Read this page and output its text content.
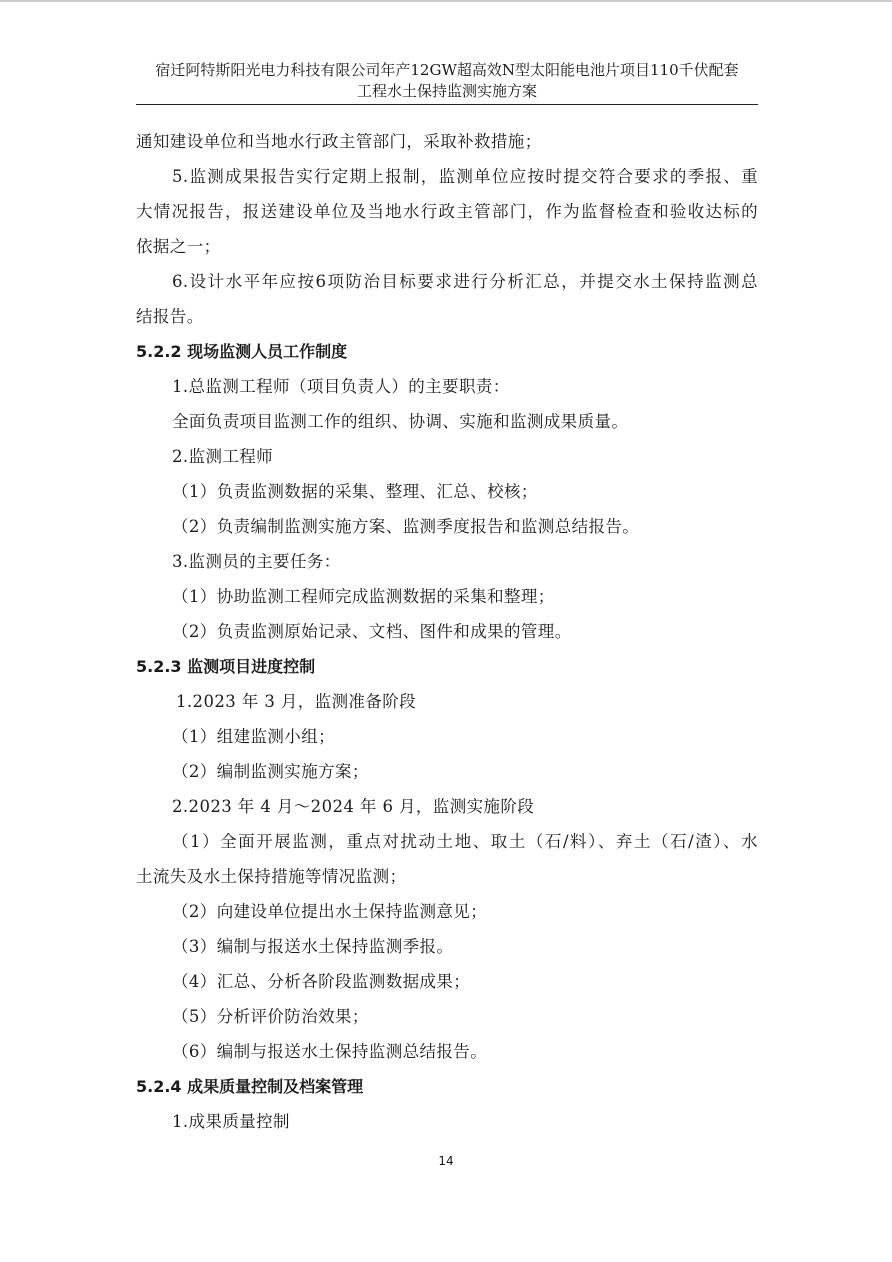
宿迁阿特斯阳光电力科技有限公司年产12GW超高效N型太阳能电池片项目110千伏配套
工程水土保持监测实施方案
通知建设单位和当地水行政主管部门，采取补救措施；
5.监测成果报告实行定期上报制，监测单位应按时提交符合要求的季报、重
大情况报告，报送建设单位及当地水行政主管部门，作为监督检查和验收达标的
依据之一；
6.设计水平年应按6项防治目标要求进行分析汇总，并提交水土保持监测总
结报告。
5.2.2 现场监测人员工作制度
1.总监测工程师（项目负责人）的主要职责：
全面负责项目监测工作的组织、协调、实施和监测成果质量。
2.监测工程师
（1）负责监测数据的采集、整理、汇总、校核；
（2）负责编制监测实施方案、监测季度报告和监测总结报告。
3.监测员的主要任务：
（1）协助监测工程师完成监测数据的采集和整理；
（2）负责监测原始记录、文档、图件和成果的管理。
5.2.3 监测项目进度控制
1.2023 年 3 月，监测准备阶段
（1）组建监测小组；
（2）编制监测实施方案；
2.2023 年 4 月～2024 年 6 月，监测实施阶段
（1）全面开展监测，重点对扰动土地、取土（石/料）、弃土（石/渣）、水
土流失及水土保持措施等情况监测；
（2）向建设单位提出水土保持监测意见；
（3）编制与报送水土保持监测季报。
（4）汇总、分析各阶段监测数据成果；
（5）分析评价防治效果；
（6）编制与报送水土保持监测总结报告。
5.2.4 成果质量控制及档案管理
1.成果质量控制
14
